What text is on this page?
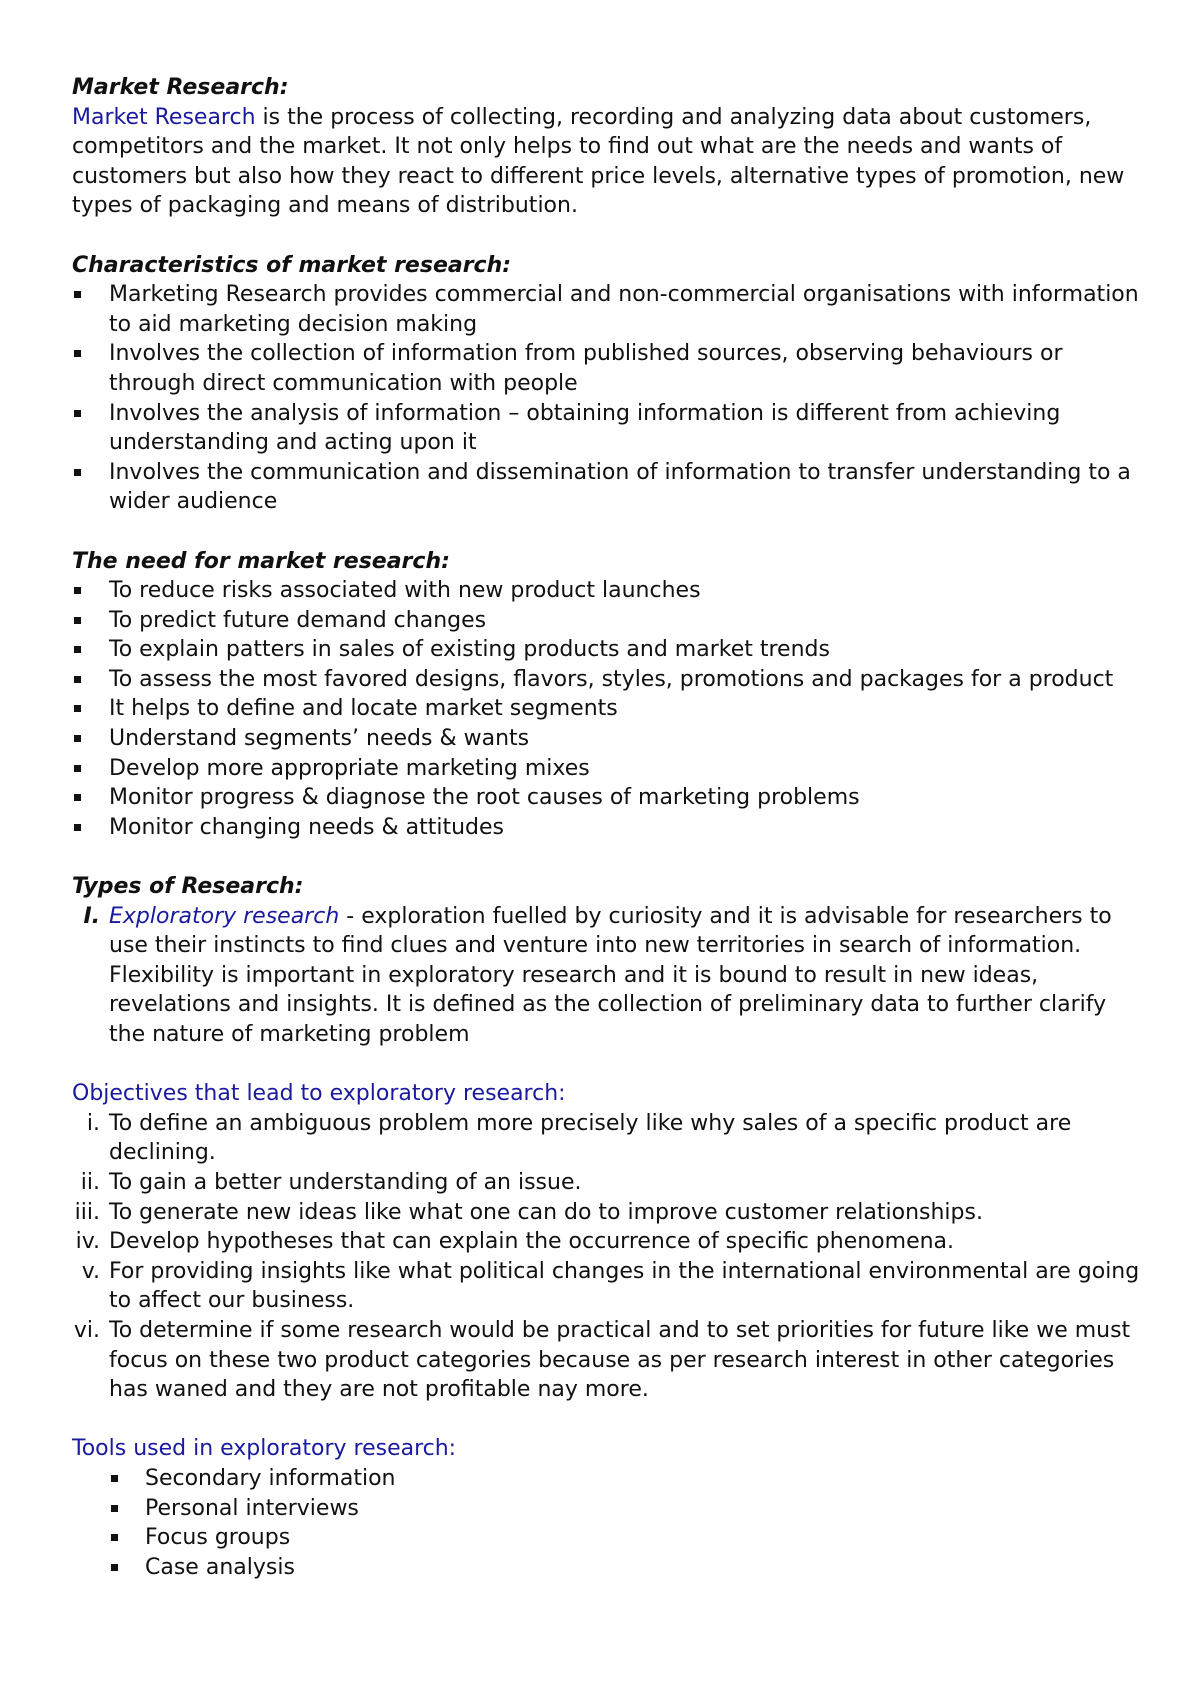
Market Research:

Market Research is the process of collecting, recording and analyzing data about customers, competitors and the market. It not only helps to find out what are the needs and wants of customers but also how they react to different price levels, alternative types of promotion, new types of packaging and means of distribution.

Characteristics of market research:

Marketing Research provides commercial and non-commercial organisations with information to aid marketing decision making
Involves the collection of information from published sources, observing behaviours or through direct communication with people
Involves the analysis of information – obtaining information is different from achieving understanding and acting upon it
Involves the communication and dissemination of information to transfer understanding to a wider audience

The need for market research:

To reduce risks associated with new product launches
To predict future demand changes
To explain patters in sales of existing products and market trends
To assess the most favored designs, flavors, styles, promotions and packages for a product
It helps to define and locate market segments
Understand segments’ needs & wants
Develop more appropriate marketing mixes
Monitor progress & diagnose the root causes of marketing problems
Monitor changing needs & attitudes

Types of Research:

I. Exploratory research - exploration fuelled by curiosity and it is advisable for researchers to use their instincts to find clues and venture into new territories in search of information. Flexibility is important in exploratory research and it is bound to result in new ideas, revelations and insights. It is defined as the collection of preliminary data to further clarify the nature of marketing problem

Objectives that lead to exploratory research:

i. To define an ambiguous problem more precisely like why sales of a specific product are declining.
ii. To gain a better understanding of an issue.
iii. To generate new ideas like what one can do to improve customer relationships.
iv. Develop hypotheses that can explain the occurrence of specific phenomena.
v. For providing insights like what political changes in the international environmental are going to affect our business.
vi. To determine if some research would be practical and to set priorities for future like we must focus on these two product categories because as per research interest in other categories has waned and they are not profitable nay more.

Tools used in exploratory research:

Secondary information
Personal interviews
Focus groups
Case analysis
